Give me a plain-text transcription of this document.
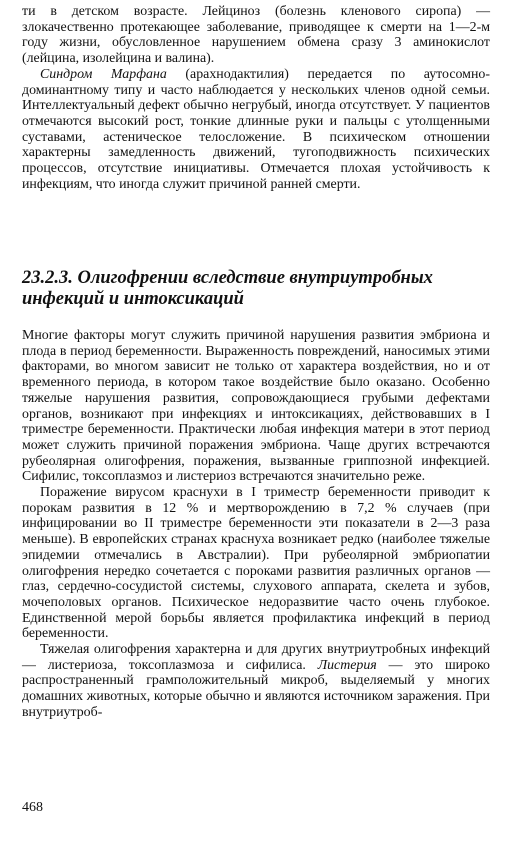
ти в детском возрасте. Лейциноз (болезнь кленового сиропа) — злокачественно протекающее заболевание, приводящее к смерти на 1—2-м году жизни, обусловленное нарушением обмена сразу 3 аминокислот (лейцина, изолейцина и валина).

Синдром Марфана (арахнодактилия) передается по аутосомно-доминантному типу и часто наблюдается у нескольких членов одной семьи. Интеллектуальный дефект обычно негрубый, иногда отсутствует. У пациентов отмечаются высокий рост, тонкие длинные руки и пальцы с утолщенными суставами, астеническое телосложение. В психическом отношении характерны замедленность движений, тугоподвижность психических процессов, отсутствие инициативы. Отмечается плохая устойчивость к инфекциям, что иногда служит причиной ранней смерти.

23.2.3. Олигофрении вследствие внутриутробных
инфекций и интоксикаций

Многие факторы могут служить причиной нарушения развития эмбриона и плода в период беременности. Выраженность повреждений, наносимых этими факторами, во многом зависит не только от характера воздействия, но и от временного периода, в котором такое воздействие было оказано. Особенно тяжелые нарушения развития, сопровождающиеся грубыми дефектами органов, возникают при инфекциях и интоксикациях, действовавших в I триместре беременности. Практически любая инфекция матери в этот период может служить причиной поражения эмбриона. Чаще других встречаются рубеолярная олигофрения, поражения, вызванные гриппозной инфекцией. Сифилис, токсоплазмоз и листериоз встречаются значительно реже.

Поражение вирусом краснухи в I триместр беременности приводит к порокам развития в 12 % и мертворождению в 7,2 % случаев (при инфицировании во II триместре беременности эти показатели в 2—3 раза меньше). В европейских странах краснуха возникает редко (наиболее тяжелые эпидемии отмечались в Австралии). При рубеолярной эмбриопатии олигофрения нередко сочетается с пороками развития различных органов — глаз, сердечно-сосудистой системы, слухового аппарата, скелета и зубов, мочеполовых органов. Психическое недоразвитие часто очень глубокое. Единственной мерой борьбы является профилактика инфекций в период беременности.

Тяжелая олигофрения характерна и для других внутриутробных инфекций — листериоза, токсоплазмоза и сифилиса. Листерия — это широко распространенный грамположительный микроб, выделяемый у многих домашних животных, которые обычно и являются источником заражения. При внутриутроб-

468
